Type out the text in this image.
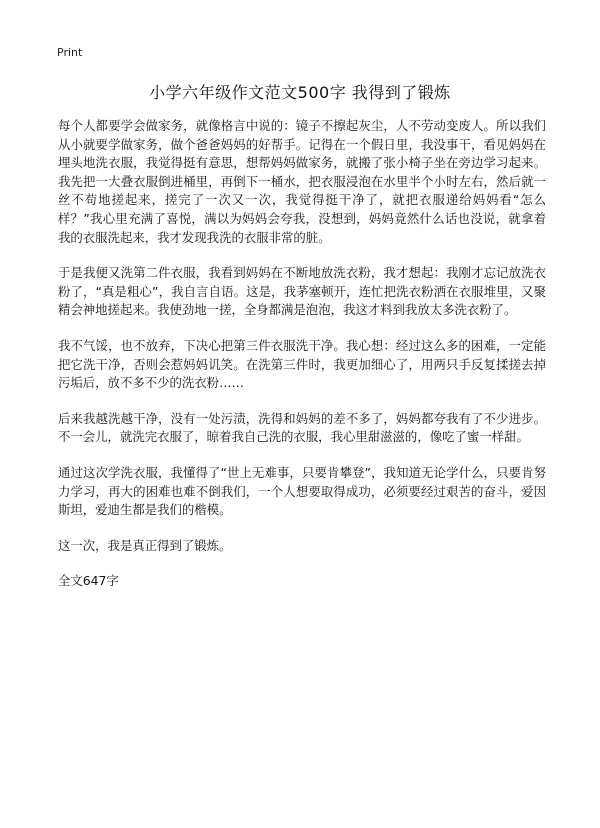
Print
小学六年级作文范文500字 我得到了锻炼

每个人都要学会做家务，就像格言中说的：镜子不擦起灰尘，人不劳动变废人。所以我们从小就要学做家务，做个爸爸妈妈的好帮手。记得在一个假日里，我没事干，看见妈妈在埋头地洗衣服，我觉得挺有意思，想帮妈妈做家务，就搬了张小椅子坐在旁边学习起来。我先把一大叠衣服倒进桶里，再倒下一桶水，把衣服浸泡在水里半个小时左右，然后就一丝不苟地搓起来，搓完了一次又一次，我觉得挺干净了，就把衣服递给妈妈看“怎么样？”我心里充满了喜悦，满以为妈妈会夸我，没想到，妈妈竟然什么话也没说，就拿着我的衣服洗起来，我才发现我洗的衣服非常的脏。

于是我便又洗第二件衣服，我看到妈妈在不断地放洗衣粉，我才想起：我刚才忘记放洗衣粉了，“真是粗心”，我自言自语。这是，我茅塞顿开，连忙把洗衣粉洒在衣服堆里，又聚精会神地搓起来。我使劲地一搓，全身都满是泡泡，我这才料到我放太多洗衣粉了。

我不气馁，也不放弃，下决心把第三件衣服洗干净。我心想：经过这么多的困难，一定能把它洗干净，否则会惹妈妈讥笑。在洗第三件时，我更加细心了，用两只手反复揉搓去掉污垢后，放不多不少的洗衣粉……

后来我越洗越干净，没有一处污渍，洗得和妈妈的差不多了，妈妈都夸我有了不少进步。不一会儿，就洗完衣服了，晾着我自己洗的衣服，我心里甜滋滋的，像吃了蜜一样甜。

通过这次学洗衣服，我懂得了“世上无难事，只要肯攀登”，我知道无论学什么，只要肯努力学习，再大的困难也难不倒我们，一个人想要取得成功，必须要经过艰苦的奋斗，爱因斯坦，爱迪生都是我们的楷模。

这一次，我是真正得到了锻炼。

全文647字
